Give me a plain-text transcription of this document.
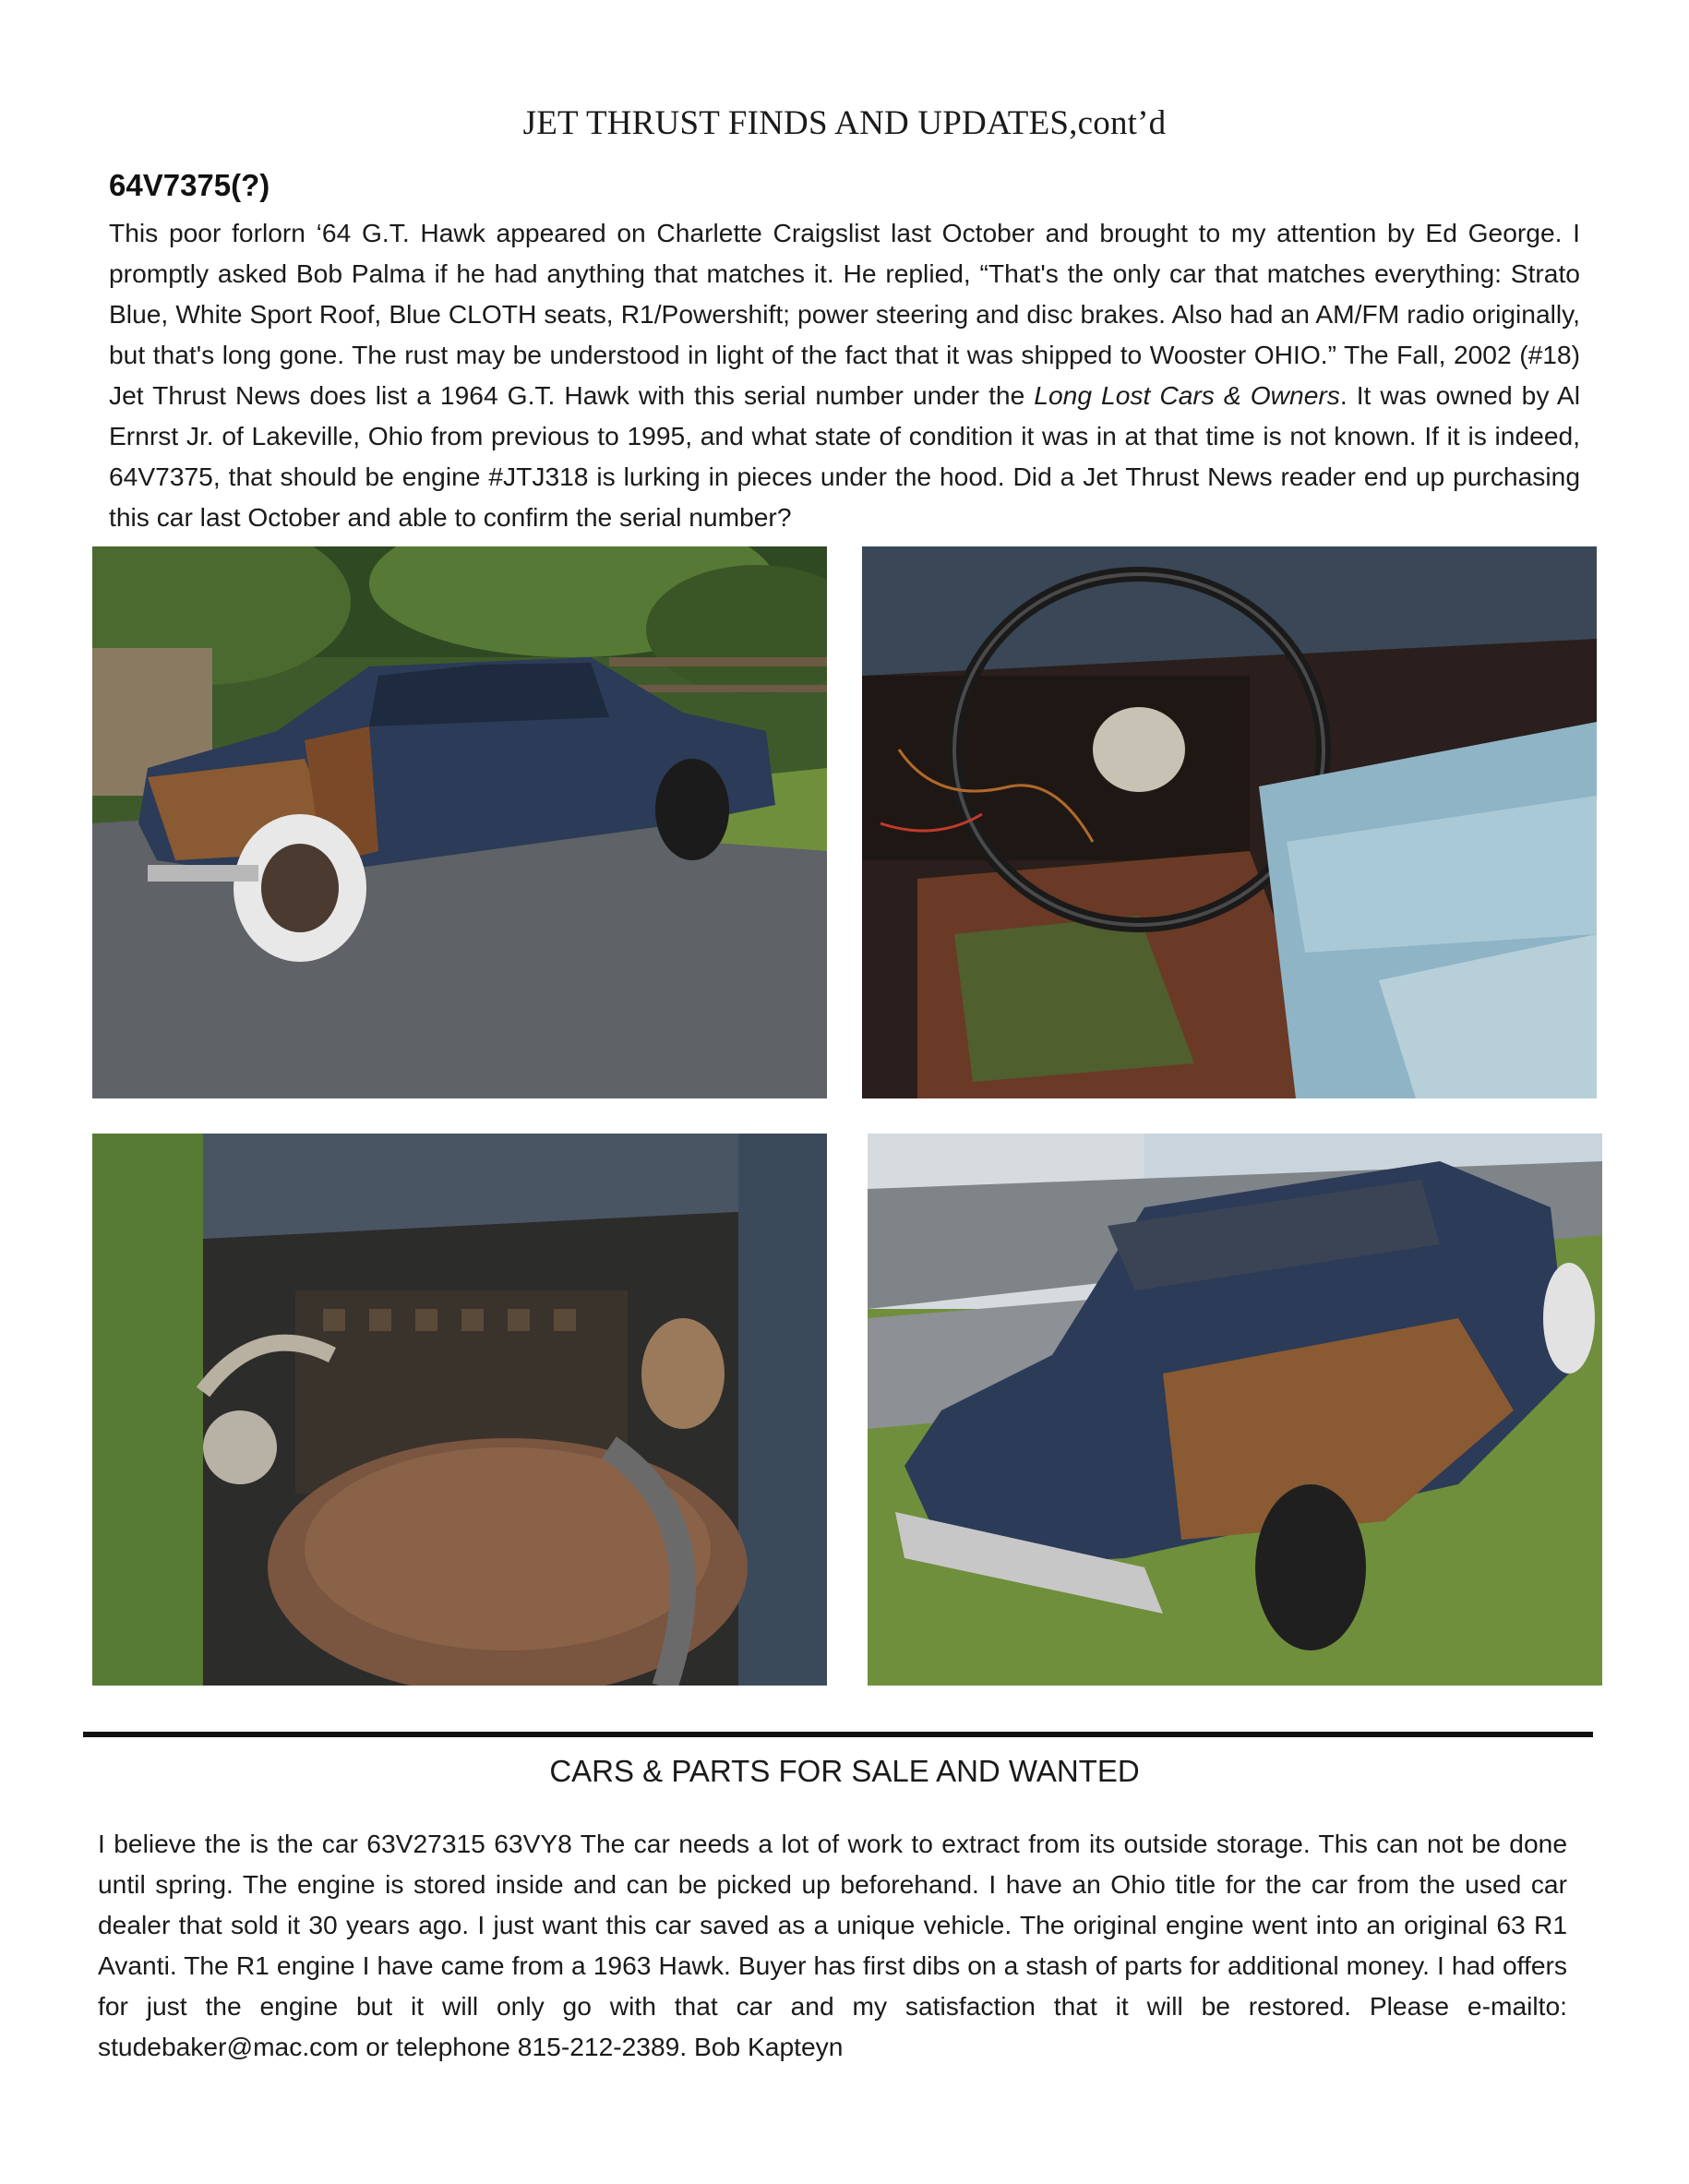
JET THRUST FINDS AND UPDATES,cont’d
64V7375(?)

This poor forlorn ‘64 G.T. Hawk appeared on Charlette Craigslist last October and brought to my attention by Ed George. I promptly asked Bob Palma if he had anything that matches it. He replied, “That's the only car that matches everything: Strato Blue, White Sport Roof, Blue CLOTH seats, R1/Powershift; power steering and disc brakes. Also had an AM/FM radio originally, but that's long gone. The rust may be understood in light of the fact that it was shipped to Wooster OHIO.” The Fall, 2002 (#18) Jet Thrust News does list a 1964 G.T. Hawk with this serial number under the Long Lost Cars & Owners. It was owned by Al Ernrst Jr. of Lakeville, Ohio from previous to 1995, and what state of condition it was in at that time is not known. If it is indeed, 64V7375, that should be engine #JTJ318 is lurking in pieces under the hood. Did a Jet Thrust News reader end up purchasing this car last October and able to confirm the serial number?

CARS & PARTS FOR SALE AND WANTED

I believe the is the car 63V27315 63VY8 The car needs a lot of work to extract from its outside storage. This can not be done until spring. The engine is stored inside and can be picked up beforehand. I have an Ohio title for the car from the used car dealer that sold it 30 years ago. I just want this car saved as a unique vehicle. The original engine went into an original 63 R1 Avanti. The R1 engine I have came from a 1963 Hawk. Buyer has first dibs on a stash of parts for additional money. I had offers for just the engine but it will only go with that car and my satisfaction that it will be restored. Please e-mailto: studebaker@mac.com or telephone 815-212-2389. Bob Kapteyn
